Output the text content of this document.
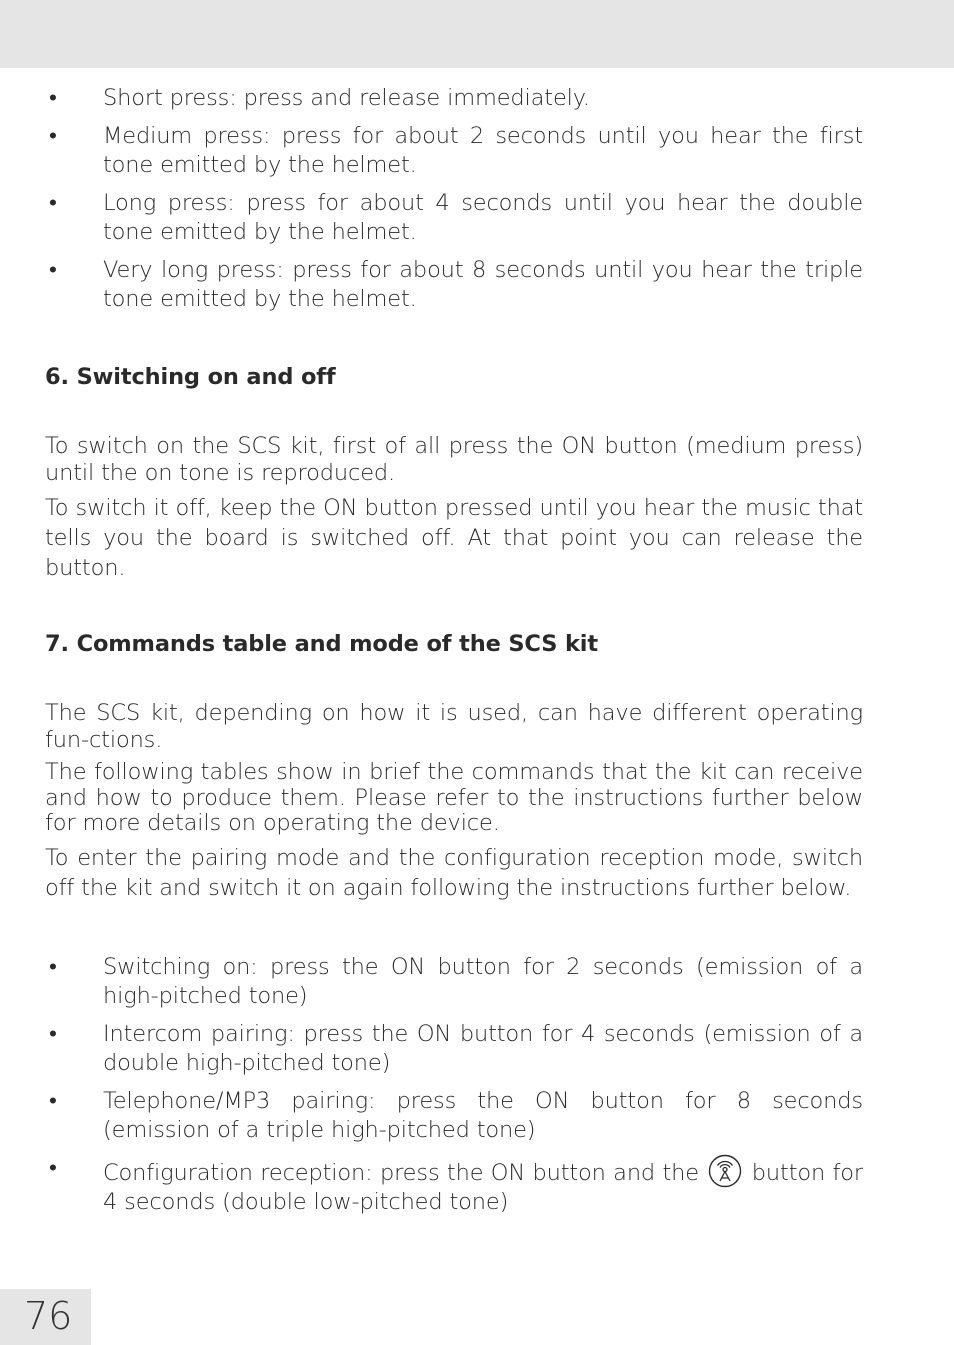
• Short press: press and release immediately.
• Medium press: press for about 2 seconds until you hear the first tone emitted by the helmet.
• Long press: press for about 4 seconds until you hear the double tone emitted by the helmet.
• Very long press: press for about 8 seconds until you hear the triple tone emitted by the helmet.
6. Switching on and off

To switch on the SCS kit, first of all press the ON button (medium press) until the on tone is reproduced.

To switch it off, keep the ON button pressed until you hear the music that tells you the board is switched off. At that point you can release the button.

7. Commands table and mode of the SCS kit

The SCS kit, depending on how it is used, can have different operating fun-ctions.

The following tables show in brief the commands that the kit can receive and how to produce them. Please refer to the instructions further below for more details on operating the device.

To enter the pairing mode and the configuration reception mode, switch off the kit and switch it on again following the instructions further below.

• Switching on: press the ON button for 2 seconds (emission of a high-pitched tone)
• Intercom pairing: press the ON button for 4 seconds (emission of a double high-pitched tone)
• Telephone/MP3 pairing: press the ON button for 8 seconds (emission of a triple high-pitched tone)
• Configuration reception: press the ON button and the button for 4 seconds (double low-pitched tone)
76
